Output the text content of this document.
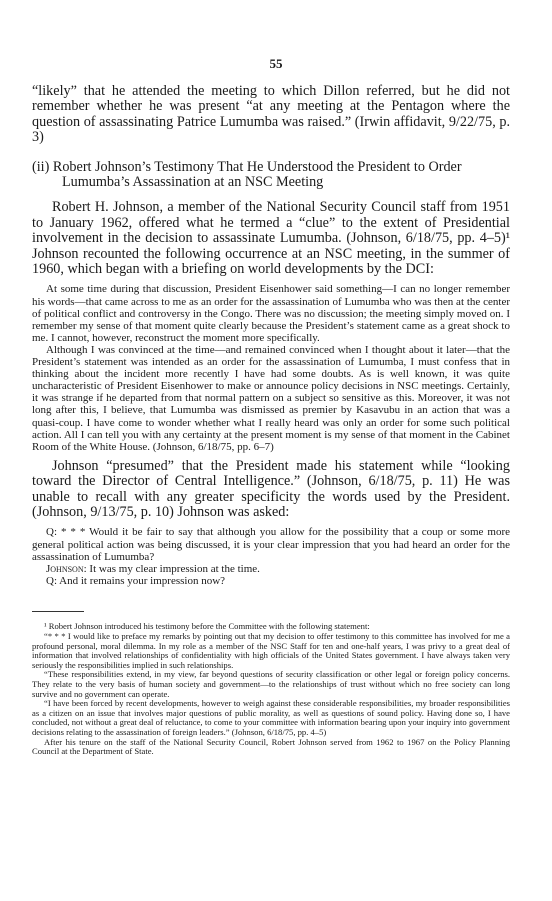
55

“likely” that he attended the meeting to which Dillon referred, but he did not remember whether he was present “at any meeting at the Pentagon where the question of assassinating Patrice Lumumba was raised.” (Irwin affidavit, 9/22/75, p. 3)

(ii) Robert Johnson’s Testimony That He Understood the President to Order Lumumba’s Assassination at an NSC Meeting

Robert H. Johnson, a member of the National Security Council staff from 1951 to January 1962, offered what he termed a “clue” to the extent of Presidential involvement in the decision to assassinate Lumumba. (Johnson, 6/18/75, pp. 4–5)¹ Johnson recounted the following occurrence at an NSC meeting, in the summer of 1960, which began with a briefing on world developments by the DCI:

At some time during that discussion, President Eisenhower said something—I can no longer remember his words—that came across to me as an order for the assassination of Lumumba who was then at the center of political conflict and controversy in the Congo. There was no discussion; the meeting simply moved on. I remember my sense of that moment quite clearly because the President’s statement came as a great shock to me. I cannot, however, reconstruct the moment more specifically.

Although I was convinced at the time—and remained convinced when I thought about it later—that the President’s statement was intended as an order for the assassination of Lumumba, I must confess that in thinking about the incident more recently I have had some doubts. As is well known, it was quite uncharacteristic of President Eisenhower to make or announce policy decisions in NSC meetings. Certainly, it was strange if he departed from that normal pattern on a subject so sensitive as this. Moreover, it was not long after this, I believe, that Lumumba was dismissed as premier by Kasavubu in an action that was a quasi-coup. I have come to wonder whether what I really heard was only an order for some such political action. All I can tell you with any certainty at the present moment is my sense of that moment in the Cabinet Room of the White House. (Johnson, 6/18/75, pp. 6–7)

Johnson “presumed” that the President made his statement while “looking toward the Director of Central Intelligence.” (Johnson, 6/18/75, p. 11) He was unable to recall with any greater specificity the words used by the President. (Johnson, 9/13/75, p. 10) Johnson was asked:

Q: * * * Would it be fair to say that although you allow for the possibility that a coup or some more general political action was being discussed, it is your clear impression that you had heard an order for the assassination of Lumumba?

Johnson: It was my clear impression at the time.

Q: And it remains your impression now?

¹ Robert Johnson introduced his testimony before the Committee with the following statement:

“* * * I would like to preface my remarks by pointing out that my decision to offer testimony to this committee has involved for me a profound personal, moral dilemma. In my role as a member of the NSC Staff for ten and one-half years, I was privy to a great deal of information that involved relationships of confidentiality with high officials of the United States government. I have always taken very seriously the responsibilities implied in such relationships.

“These responsibilities extend, in my view, far beyond questions of security classification or other legal or foreign policy concerns. They relate to the very basis of human society and government—to the relationships of trust without which no free society can long survive and no government can operate.

“I have been forced by recent developments, however to weigh against these considerable responsibilities, my broader responsibilities as a citizen on an issue that involves major questions of public morality, as well as questions of sound policy. Having done so, I have concluded, not without a great deal of reluctance, to come to your committee with information bearing upon your inquiry into government decisions relating to the assassination of foreign leaders.” (Johnson, 6/18/75, pp. 4–5)

After his tenure on the staff of the National Security Council, Robert Johnson served from 1962 to 1967 on the Policy Planning Council at the Department of State.
